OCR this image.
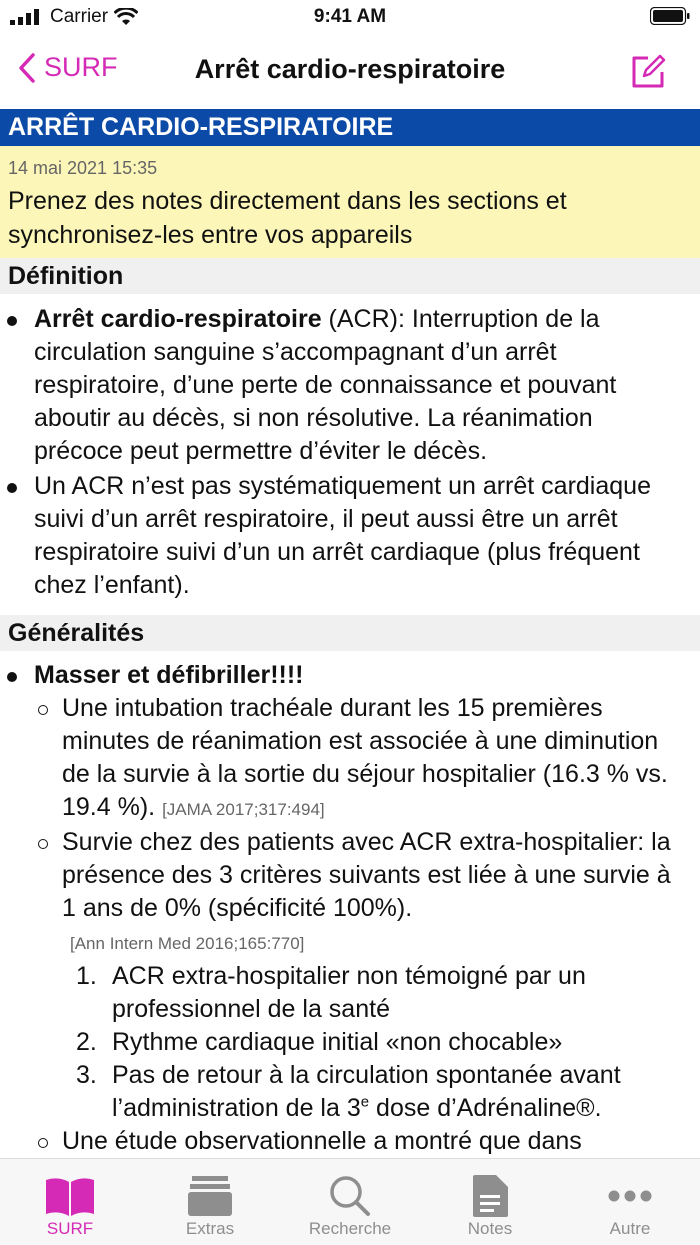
Carrier	9:41 AM
SURF	Arrêt cardio-respiratoire
ARRÊT CARDIO-RESPIRATOIRE
14 mai 2021 15:35
Prenez des notes directement dans les sections et synchronisez-les entre vos appareils
Définition
Arrêt cardio-respiratoire (ACR): Interruption de la circulation sanguine s’accompagnant d’un arrêt respiratoire, d’une perte de connaissance et pouvant aboutir au décès, si non résolutive. La réanimation précoce peut permettre d’éviter le décès.
Un ACR n’est pas systématiquement un arrêt cardiaque suivi d’un arrêt respiratoire, il peut aussi être un arrêt respiratoire suivi d’un un arrêt cardiaque (plus fréquent chez l’enfant).
Généralités
Masser et défibriller!!!!
Une intubation trachéale durant les 15 premières minutes de réanimation est associée à une diminution de la survie à la sortie du séjour hospitalier (16.3 % vs. 19.4 %). [JAMA 2017;317:494]
Survie chez des patients avec ACR extra-hospitalier: la présence des 3 critères suivants est liée à une survie à 1 ans de 0% (spécificité 100%).
[Ann Intern Med 2016;165:770]
1. ACR extra-hospitalier non témoigné par un professionnel de la santé
2. Rythme cardiaque initial «non chocable»
3. Pas de retour à la circulation spontanée avant l’administration de la 3e dose d’Adrénaline®.
Une étude observationnelle a montré que dans
SURF	Extras	Recherche	Notes	Autre
